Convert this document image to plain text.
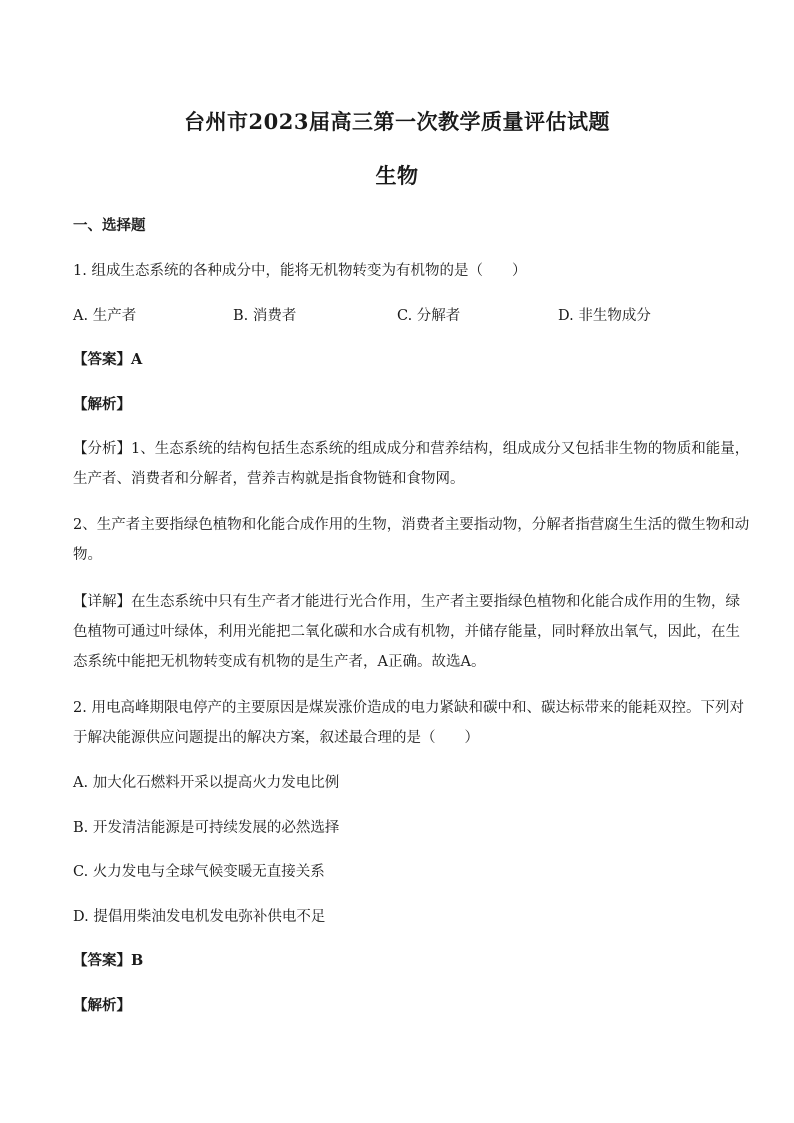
台州市2023届高三第一次教学质量评估试题
生物
一、选择题
1. 组成生态系统的各种成分中，能将无机物转变为有机物的是（　　）
A. 生产者	B. 消费者	C. 分解者	D. 非生物成分
【答案】A
【解析】
【分析】1、生态系统的结构包括生态系统的组成成分和营养结构，组成成分又包括非生物的物质和能量，
生产者、消费者和分解者，营养吉构就是指食物链和食物网。
2、生产者主要指绿色植物和化能合成作用的生物，消费者主要指动物，分解者指营腐生生活的微生物和动
物。
【详解】在生态系统中只有生产者才能进行光合作用，生产者主要指绿色植物和化能合成作用的生物，绿
色植物可通过叶绿体，利用光能把二氧化碳和水合成有机物，并储存能量，同时释放出氧气，因此，在生
态系统中能把无机物转变成有机物的是生产者，A正确。故选A。
2. 用电高峰期限电停产的主要原因是煤炭涨价造成的电力紧缺和碳中和、碳达标带来的能耗双控。下列对
于解决能源供应问题提出的解决方案，叙述最合理的是（　　）
A. 加大化石燃料开采以提高火力发电比例
B. 开发清洁能源是可持续发展的必然选择
C. 火力发电与全球气候变暖无直接关系
D. 提倡用柴油发电机发电弥补供电不足
【答案】B
【解析】
